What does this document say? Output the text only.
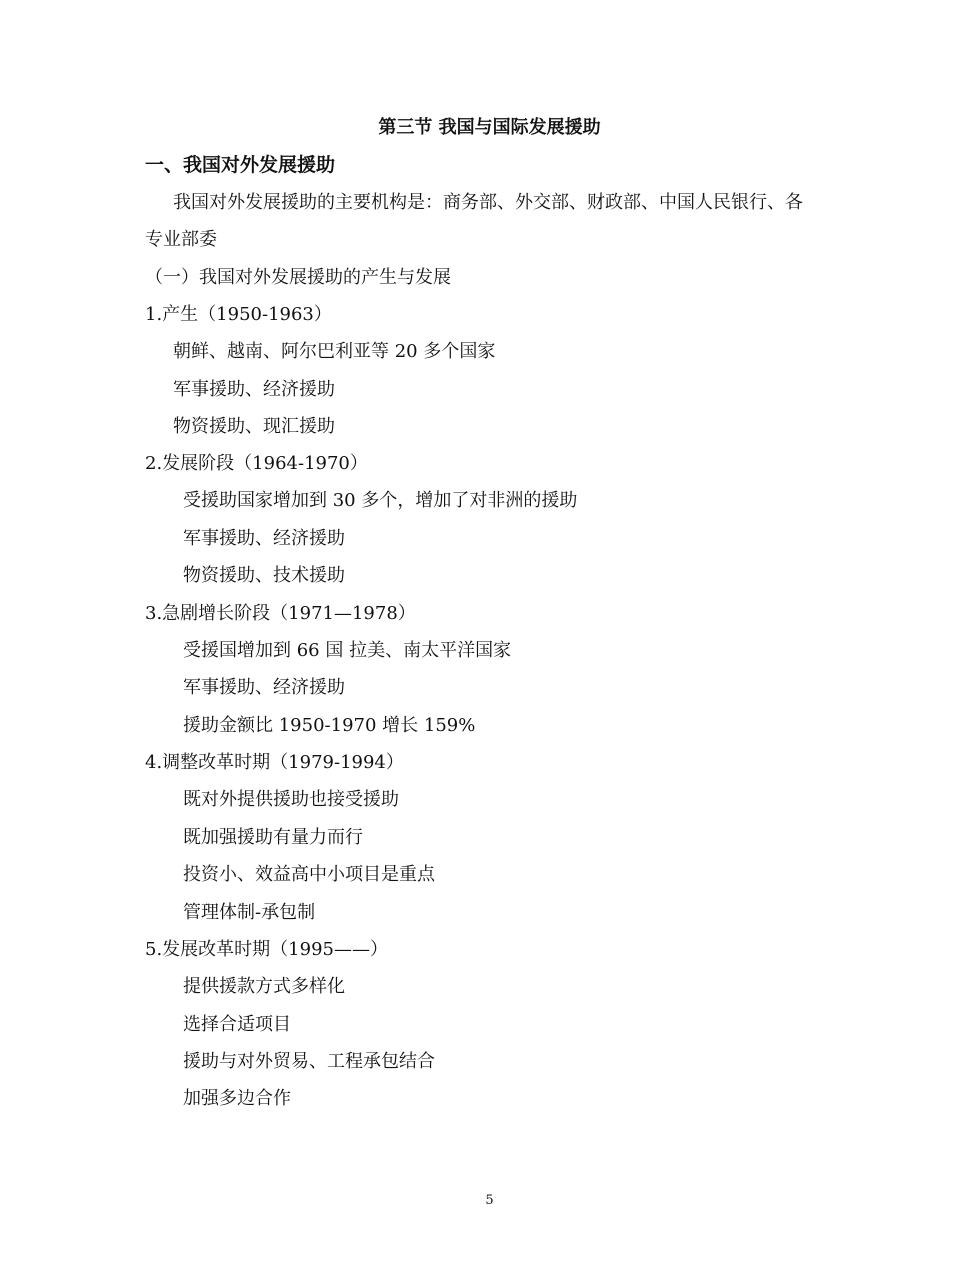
第三节 我国与国际发展援助
一、我国对外发展援助
我国对外发展援助的主要机构是：商务部、外交部、财政部、中国人民银行、各
专业部委
（一）我国对外发展援助的产生与发展
1.产生（1950-1963）
朝鲜、越南、阿尔巴利亚等 20 多个国家
军事援助、经济援助
物资援助、现汇援助
2.发展阶段（1964-1970）
受援助国家增加到 30 多个，增加了对非洲的援助
军事援助、经济援助
物资援助、技术援助
3.急剧增长阶段（1971—1978）
受援国增加到 66 国 拉美、南太平洋国家
军事援助、经济援助
援助金额比 1950-1970 增长 159%
4.调整改革时期（1979-1994）
既对外提供援助也接受援助
既加强援助有量力而行
投资小、效益高中小项目是重点
管理体制-承包制
5.发展改革时期（1995——）
提供援款方式多样化
选择合适项目
援助与对外贸易、工程承包结合
加强多边合作
5
